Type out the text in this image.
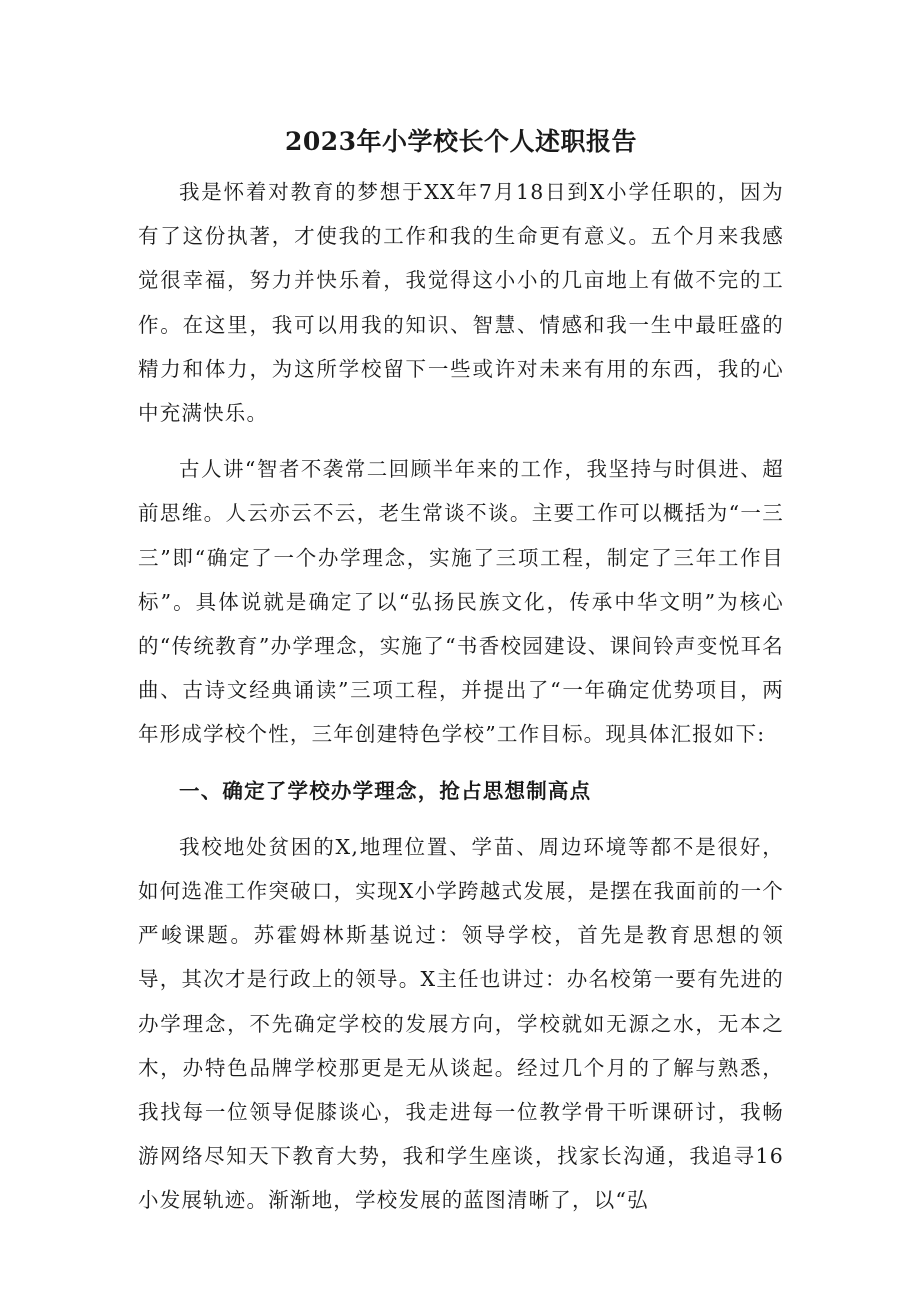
2023年小学校长个人述职报告

我是怀着对教育的梦想于XX年7月18日到X小学任职的，因为有了这份执著，才使我的工作和我的生命更有意义。五个月来我感觉很幸福，努力并快乐着，我觉得这小小的几亩地上有做不完的工作。在这里，我可以用我的知识、智慧、情感和我一生中最旺盛的精力和体力，为这所学校留下一些或许对未来有用的东西，我的心中充满快乐。

古人讲“智者不袭常二回顾半年来的工作，我坚持与时俱进、超前思维。人云亦云不云，老生常谈不谈。主要工作可以概括为“一三三”即“确定了一个办学理念，实施了三项工程，制定了三年工作目标”。具体说就是确定了以“弘扬民族文化，传承中华文明”为核心的“传统教育”办学理念，实施了“书香校园建设、课间铃声变悦耳名曲、古诗文经典诵读”三项工程，并提出了“一年确定优势项目，两年形成学校个性，三年创建特色学校”工作目标。现具体汇报如下:

一、确定了学校办学理念，抢占思想制高点

我校地处贫困的X,地理位置、学苗、周边环境等都不是很好，如何选准工作突破口，实现X小学跨越式发展，是摆在我面前的一个严峻课题。苏霍姆林斯基说过：领导学校，首先是教育思想的领导，其次才是行政上的领导。X主任也讲过：办名校第一要有先进的办学理念，不先确定学校的发展方向，学校就如无源之水，无本之木，办特色品牌学校那更是无从谈起。经过几个月的了解与熟悉，我找每一位领导促膝谈心，我走进每一位教学骨干听课研讨，我畅游网络尽知天下教育大势，我和学生座谈，找家长沟通，我追寻16小发展轨迹。渐渐地，学校发展的蓝图清晰了，以“弘
